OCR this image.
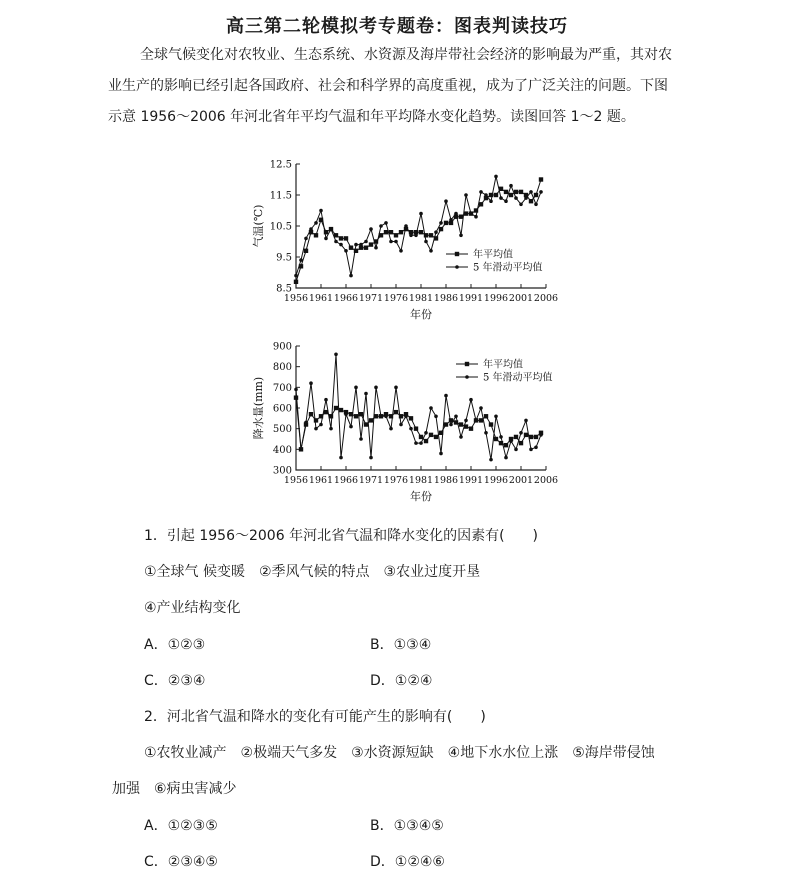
高三第二轮模拟考专题卷：图表判读技巧
全球气候变化对农牧业、生态系统、水资源及海岸带社会经济的影响最为严重，其对农
业生产的影响已经引起各国政府、社会和科学界的高度重视，成为了广泛关注的问题。下图
示意 1956～2006 年河北省年平均气温和年平均降水变化趋势。读图回答 1～2 题。
8.5
9.5
10.5
11.5
12.5
1956 1961 1966 1971 1976 1981 1986 1991 1996 2001 2006
年份
气温(℃)
年平均值
5 年滑动平均值
300
400
500
600
700
800
900
1956 1961 1966 1971 1976 1981 1986 1991 1996 2001 2006
年份
降水量(mm)
年平均值
5 年滑动平均值
1．引起 1956～2006 年河北省气温和降水变化的因素有(　　)
①全球气 候变暖　②季风气候的特点　③农业过度开垦
④产业结构变化
A．①②③	B．①③④
C．②③④	D．①②④
2．河北省气温和降水的变化有可能产生的影响有(　　)
①农牧业减产　②极端天气多发　③水资源短缺　④地下水水位上涨　⑤海岸带侵蚀
加强　⑥病虫害减少
A．①②③⑤	B．①③④⑤
C．②③④⑤	D．①②④⑥
